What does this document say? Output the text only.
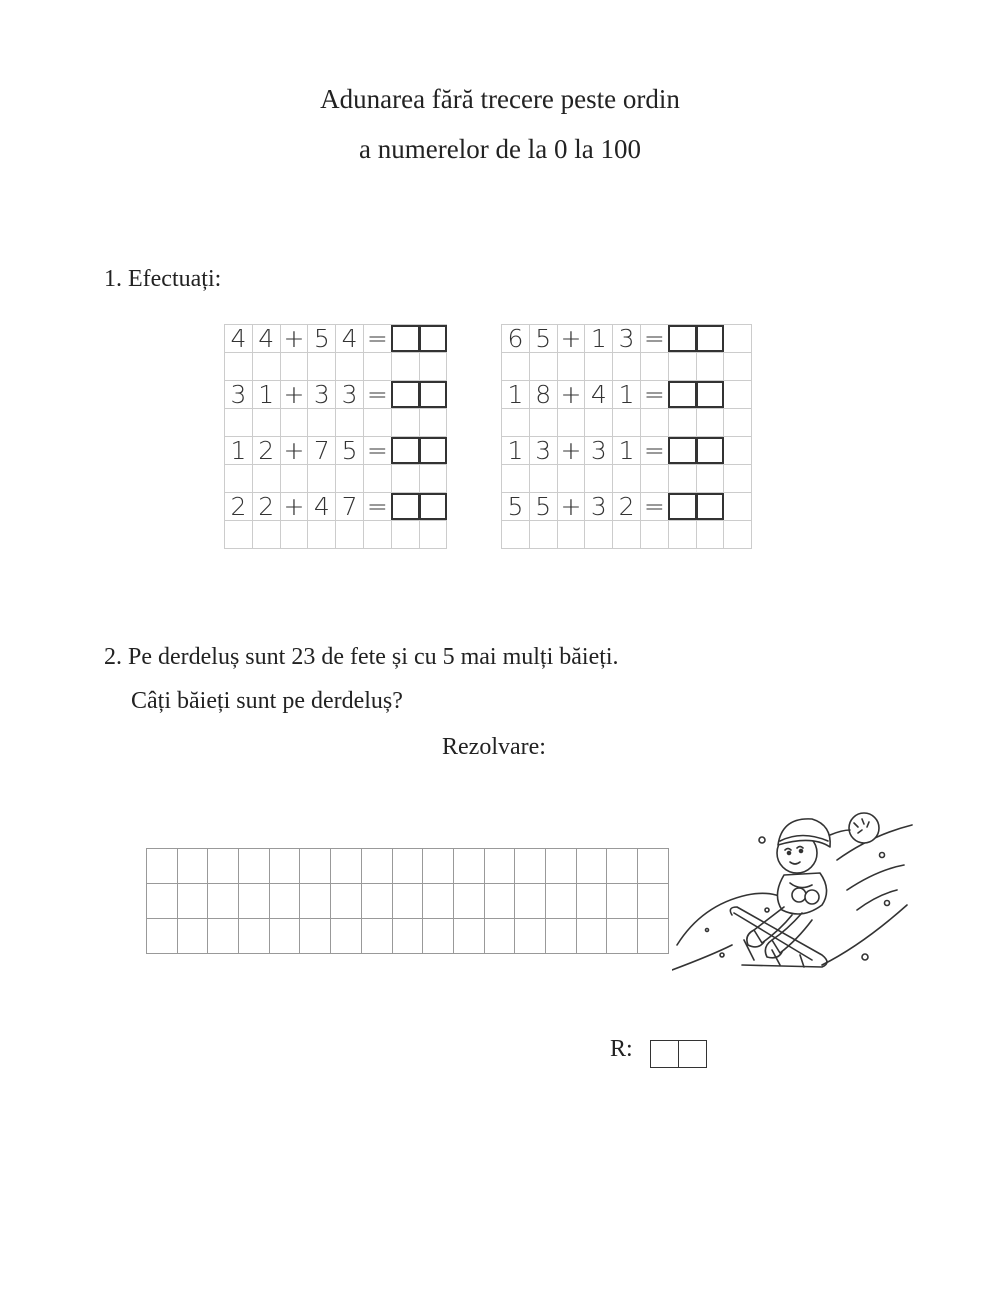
Adunarea fără trecere peste ordin
a numerelor de la 0 la 100
1. Efectuați:
4 4 + 5 4 =
3 1 + 3 3 =
1 2 + 7 5 =
2 2 + 4 7 =
6 5 + 1 3 =
1 8 + 4 1 =
1 3 + 3 1 =
5 5 + 3 2 =
2. Pe derdeluș sunt 23 de fete și cu 5 mai mulți băieți.
Câți băieți sunt pe derdeluș?
Rezolvare:
R:
